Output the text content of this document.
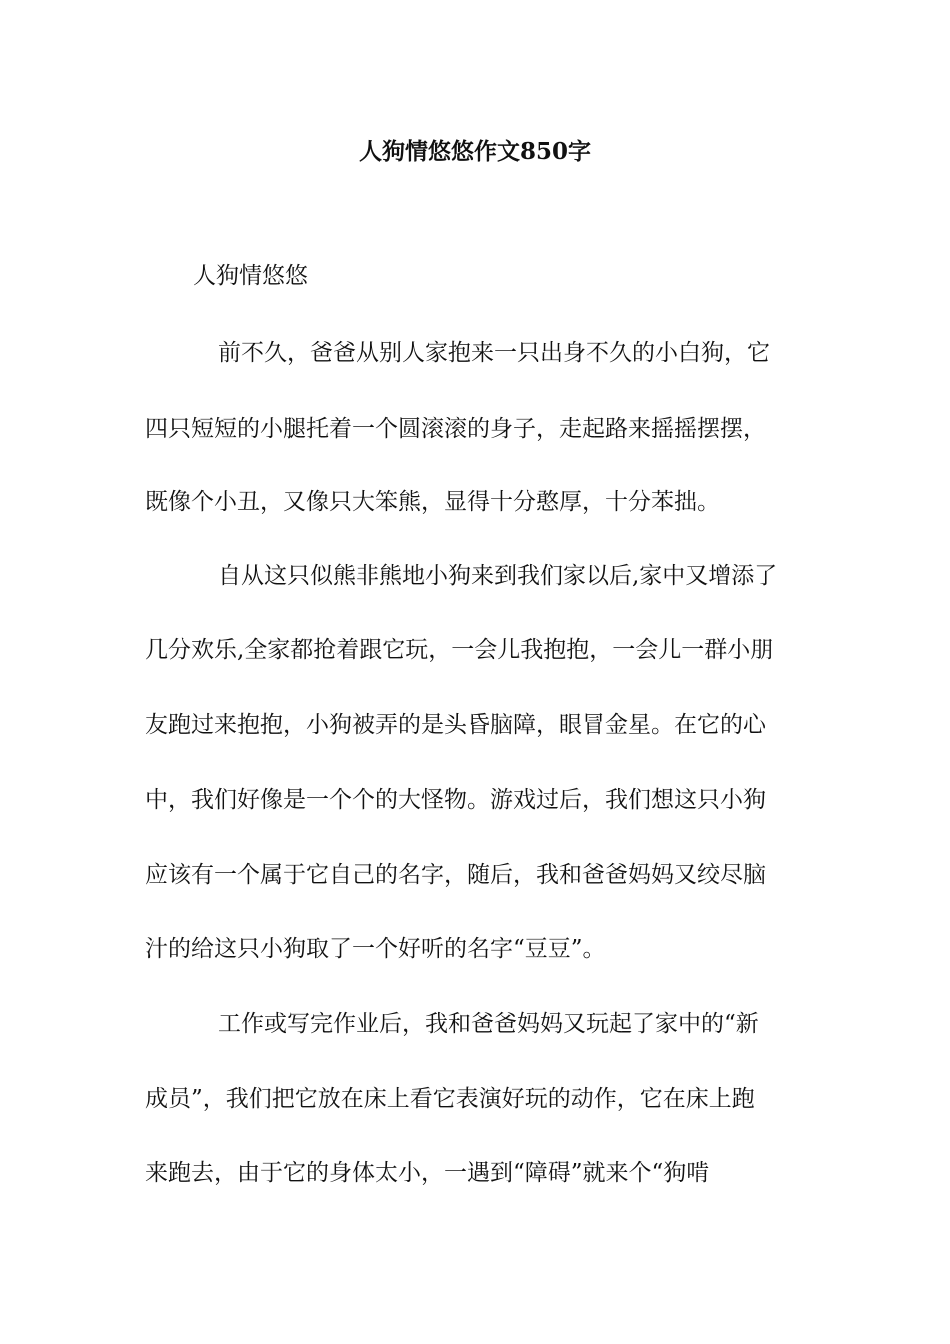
人狗情悠悠作文850字
人狗情悠悠
前不久，爸爸从别人家抱来一只出身不久的小白狗，它
四只短短的小腿托着一个圆滚滚的身子，走起路来摇摇摆摆，
既像个小丑，又像只大笨熊，显得十分憨厚，十分苯拙。
自从这只似熊非熊地小狗来到我们家以后,家中又增添了
几分欢乐,全家都抢着跟它玩，一会儿我抱抱，一会儿一群小朋
友跑过来抱抱，小狗被弄的是头昏脑障，眼冒金星。在它的心
中，我们好像是一个个的大怪物。游戏过后，我们想这只小狗
应该有一个属于它自己的名字，随后，我和爸爸妈妈又绞尽脑
汁的给这只小狗取了一个好听的名字“豆豆”。
工作或写完作业后，我和爸爸妈妈又玩起了家中的“新
成员”，我们把它放在床上看它表演好玩的动作，它在床上跑
来跑去，由于它的身体太小，一遇到“障碍”就来个“狗啃
